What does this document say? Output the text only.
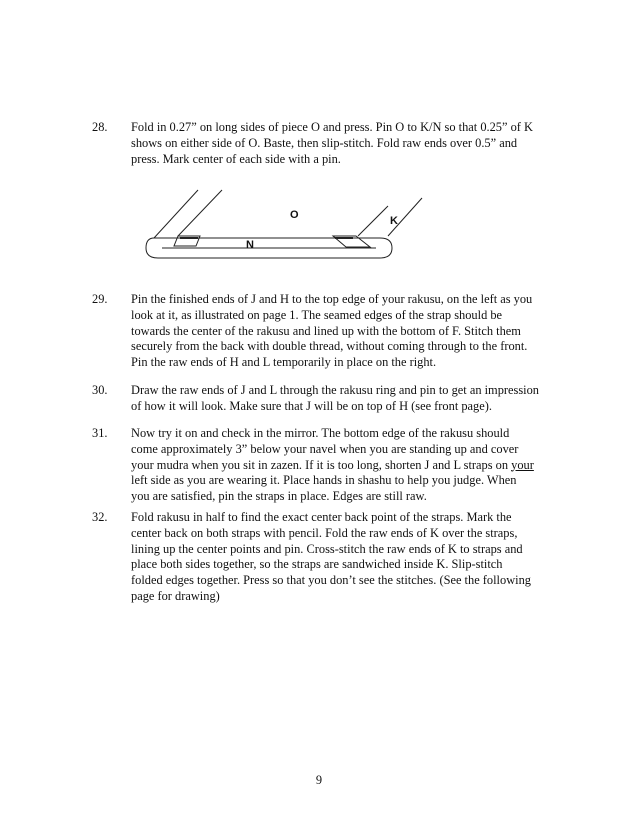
28.	Fold in 0.27” on long sides of piece O and press. Pin O to K/N so that 0.25” of K
shows on either side of O. Baste, then slip-stitch. Fold raw ends over 0.5” and
press. Mark center of each side with a pin.
O	K
N
29.	Pin the finished ends of J and H to the top edge of your rakusu, on the left as you
look at it, as illustrated on page 1. The seamed edges of the strap should be
towards the center of the rakusu and lined up with the bottom of F. Stitch them
securely from the back with double thread, without coming through to the front.
Pin the raw ends of H and L temporarily in place on the right.
30.	Draw the raw ends of J and L through the rakusu ring and pin to get an impression
of how it will look. Make sure that J will be on top of H (see front page).
31.	Now try it on and check in the mirror. The bottom edge of the rakusu should
come approximately 3” below your navel when you are standing up and cover
your mudra when you sit in zazen. If it is too long, shorten J and L straps on your
left side as you are wearing it. Place hands in shashu to help you judge. When
you are satisfied, pin the straps in place. Edges are still raw.
32.	Fold rakusu in half to find the exact center back point of the straps. Mark the
center back on both straps with pencil. Fold the raw ends of K over the straps,
lining up the center points and pin. Cross-stitch the raw ends of K to straps and
place both sides together, so the straps are sandwiched inside K. Slip-stitch
folded edges together. Press so that you don’t see the stitches. (See the following
page for drawing)
9
